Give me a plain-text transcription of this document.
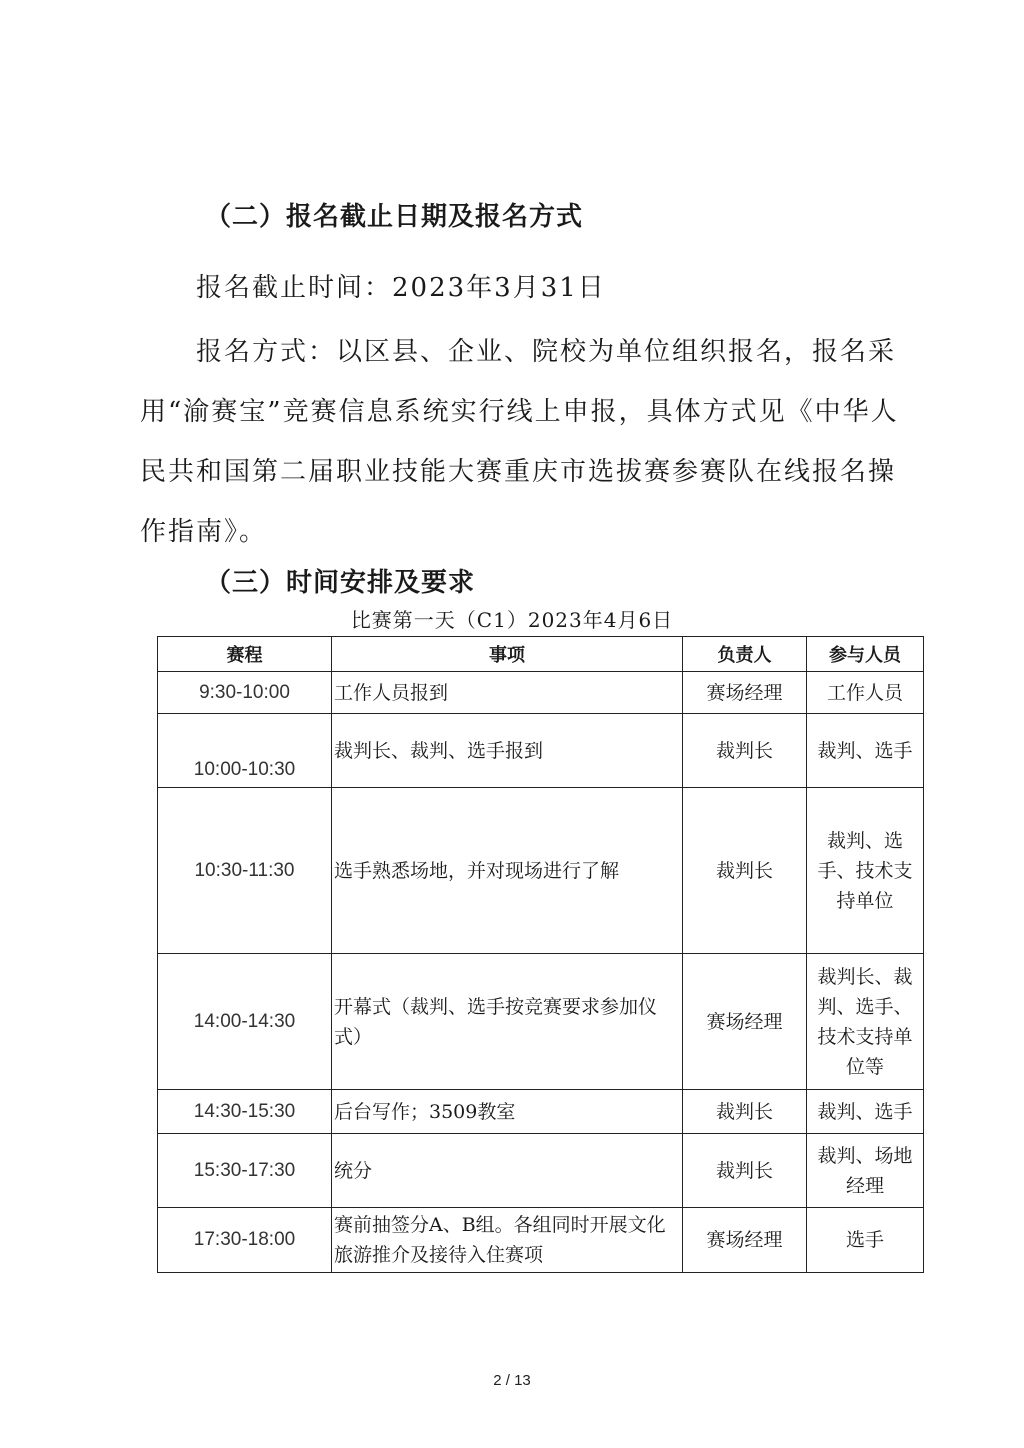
（二）报名截止日期及报名方式
报名截止时间：2023年3月31日
报名方式：以区县、企业、院校为单位组织报名，报名采用“渝赛宝”竞赛信息系统实行线上申报，具体方式见《中华人民共和国第二届职业技能大赛重庆市选拔赛参赛队在线报名操作指南》。
（三）时间安排及要求
比赛第一天（C1）2023年4月6日
赛程	事项	负责人	参与人员
9:30-10:00	工作人员报到	赛场经理	工作人员
10:00-10:30	裁判长、裁判、选手报到	裁判长	裁判、选手
10:30-11:30	选手熟悉场地，并对现场进行了解	裁判长	裁判、选手、技术支持单位
14:00-14:30	开幕式（裁判、选手按竞赛要求参加仪式）	赛场经理	裁判长、裁判、选手、技术支持单位等
14:30-15:30	后台写作；3509教室	裁判长	裁判、选手
15:30-17:30	统分	裁判长	裁判、场地经理
17:30-18:00	赛前抽签分A、B组。各组同时开展文化旅游推介及接待入住赛项	赛场经理	选手
2 / 13
